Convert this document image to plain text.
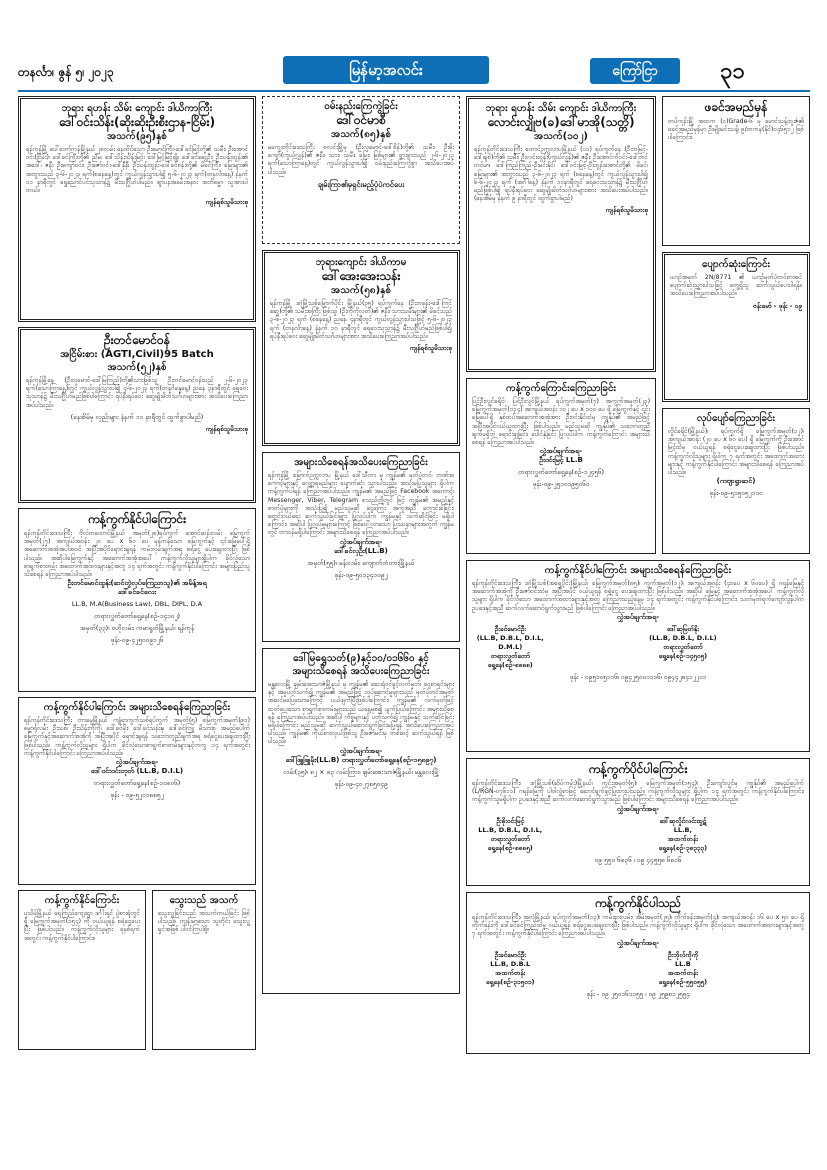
တနင်္လာ၊ ဇွန် ၅၊ ၂၀၂၃	မြန်မာ့အလင်း	ကြော်ငြာ	၃၁
ဘုရား ရဟန်း သိမ်း ကျောင်း ဒါယိကာကြီး
ဒေါ်ဝင်းသိန်း(ဆိုးဆိုးဦးစီးဌာန-ငြိမ်း)
အသက်(၉၅)နှစ်
ရန်ကုန်မြို့ ပေါ်ဘော်ကန်မြို့နယ် ၂၈လမ်း နေထိုင်သော ဦးမောင်ကြီး-ဒေါ်ခင်မြင့်တို့၏ သမီး၊ ဦးအောင်ဝင်း(ငြိမ်း)၊ ဒေါ်ခင်ကြီးတို့၏ ညီမ၊ ဒေါ်သိန်းသိန်းမြင့်၊ ဒေါ်မြင့်မြင့်ချို၊ ဒေါ်ခင်ဆွေဦး၊ ဦးသန်းထွန်း၏ အဒေါ်၊ ဇနီး ဦးကျော်ဝင်း၊ ဦးဇော်ဝင်း-ဒေါ်နီနီ၊ ဦးသန်းထွန်း-ဒေါ်ခင်စန်းတို့၏ မိခင်ကြီး၊ မြေးများ၏ အဘွားသည် ၃-၆-၂၀၂၃ ရက်(စနေနေ့)တွင် ကွယ်လွန်သွားပါ၍ ၅-၆-၂၀၂၃ ရက်(တနင်္လာနေ့) နံနက် ၁၁ နာရီတွင် ရွှေညောင်ပင်သုသာန်၌ မီးသင်္ဂြိုဟ်ပါမည်။ ဈာပနအခမ်းအနား အဘိဓမ္မာ သူအားပါတယ်။
ကျန်ရစ်သူမိသားစု
ဦးတင်မောင်ဝန်
အငြိမ်းစား (AGTI,Civil)95 Batch
အသက်(၅၂)နှစ်
ရန်ကုန်မြို့နေ (ဦးလှမောင်-ဒေါ်မြကြည်)တို့၏သားဖြစ်သူ ဦးတင်မောင်ဝန်သည် ၂-၆-၂၀၂၃ ရက်(သောကြာနေ့)တွင် ကွယ်လွန်သွားပါ၍ ၄-၆-၂၀၂၃ ရက်(တနင်္ဂနွေနေ့) ညနေ ၃နာရီတွင် ရေဝေးသုသာန်၌ မီးသင်္ဂြိုဟ်မည်ဖြစ်ပါကြောင်း ရပ်နီးရပ်ဝေး ဆွေမျိုးမိတ်သင်္ဂဟများအား အသိပေးကြေညာအပ်ပါသည်။
(နေအိမ်မှ လှည်းများ နံနက် ၁၁ နာရီတွင် ထွက်ခွာပါမည်)
ကျန်ရစ်သူမိသားစု
ကန့်ကွက်နိုင်ပါကြောင်း
ရန်ကုန်တိုင်းဒေသကြီး ဗိုလ်တထောင်မြို့နယ် အမှတ်(၂၈)ရပ်ကွက် အောင်ဆန်းလမ်း မြေကွက်အမှတ်(၂၇) အကျယ်အဝန်း ၂၀ ပေ x ၆၀ ပေ မှန်ကန်သော မြေကွက်နှင့် ၎င်းမြေပေါ်ရှိ အဆောက်အအုံအပါအဝင် အပြီးအပိုင်ရောင်းချရန် ကမ်းလှမ်းချက်အရ စရံငွေ ပေးချေထားပြီး ဖြစ်ပါသည်။ အဆိုပါမြေကွက်နှင့် အဆောက်အအုံအပေါ် ကန့်ကွက်လိုသူများရှိပါက ခိုင်လုံသော စာရွက်စာတမ်း အထောက်အထားများနှင့်အတူ ၁၄ ရက်အတွင်း ကန့်ကွက်နိုင်ပါကြောင်း အများပြည်သူ သိစေရန် ကြေညာအပ်ပါသည်။
ဦးတင်မောင်ထွန်း(ဆင်တွဲလုပ်ကြေညာသူ)၏ အမိန့်အရ
ဒေါ်ခင်ခင်လေး
LL.B, M.A(Business Law), DBL, DIPL, D.A
တရားလွှတ်တော်ရှေ့နေ(စဉ်-၁၄၁၀၂)
အမှတ်(၃၃)၊ ဗဟိုလမ်း၊ ကမာရွတ်မြို့နယ်၊ ရန်ကုန်
ဖုန်း-၀၉-၄၂၅၀၀၉၁၂၆
ကန့်ကွက်နိုင်ပါကြောင်း အများသိစေရန်ကြေညာခြင်း
ရန်ကုန်တိုင်းဒေသကြီး တာမွေမြို့နယ် ကျုံရာကွက်သစ်ရပ်ကွက် အမှတ်(၅) မြေကွက်အမှတ်(၉၁) ဓမ္မာရုံလမ်း ဦးသစ်၊ ဦးသိန်းကိုကို၊ ဒေါ်ခင်မိုး၊ ဒေါ်ခင်သန်းနု၊ ဒေါ်ခင်ကြူ မိသားစု အမည်ပေါက် မြေကွက်နှင့်အဆောက်အအုံကို အပြီးအပိုင် ရောင်းချရန် သဘောတူညီချက်အရ စရံငွေပေးချေထားပြီး ဖြစ်ပါသည်။ ကန့်ကွက်လိုသူများ ရှိပါက ခိုင်လုံသောစာရွက်စာတမ်းများနှင့်တကွ ၁၄ ရက်အတွင်း ကန့်ကွက်နိုင်ပါကြောင်း ကြေညာအပ်ပါသည်။
လွှဲအပ်ချက်အရ-
ဒေါ်ဝင်းဝင်းတုတ် (LL.B, D.I.L)
တရားလွှတ်တော်ရှေ့နေ(စဉ်-၁၀၈၀၆)
ဖုန်း - ၀၉-၅၂၀၁၈၈၅၂
ကန့်ကွက်နိုင်ကြောင်း
ပုသိမ်မြို့နယ် ရေကြည်ကျေးရွာ ဒင်္ဂါးရှင် ပွဲစားရုံတွင်ရှိ မြေကွက်အမှတ်(၁၅၄) ကို ဝယ်ယူရန် စရံငွေပေးပြီး ဖြစ်ပါသည်။ ကန့်ကွက်လိုသူများ ခုနစ်ရက်အတွင်း ကန့်ကွက်နိုင်ပါကြောင်း။
ဝမ်းနည်းကြေကွဲခြင်း
ဒေါ်ဝင်မာစီ
အသက်(၈၅)နှစ်
မကွေးတိုင်းဒေသကြီး စလင်းမြို့မှ (ဦးလှမောင်-ဒေါ်စိန်)တို့၏ သမီး၊ ဦးဖိုးကျော်(ကွယ်လွန်)၏ ဇနီး၊ သား၊ သမီး၊ မြေး၊ မြစ်များ၏ ဖွားဖွားသည် ၂-၆-၂၀၂၃ ရက်(သောကြာနေ့)တွင် ကွယ်လွန်သွားပါ၍ ဝမ်းနည်းကြေကွဲစွာ အသိပေးအပ်ပါသည်။
ချမ်းကြာ၏မှရှင်းမည့်ပုံပဲကင်ပေး
ဘုရားကျောင်း ဒါယိကာမ
ဒေါ်အေးအေးသန်း
အသက်(၅၈)နှစ်
ရန်ကုန်မြို့ ဒဂုံမြို့သစ်မြောက်ပိုင်း မြို့နယ်(၃၅) ရပ်ကွက်နေ (ဦးဘဖုန်း-ဒေါ်ကြင်ဆွေ)တို့၏ သမီးအကြီး ဖြစ်သူ၊ (ဦးကိုကိုလတ်)၏ ဇနီး၊ သားသမီးများ၏ မိခင်သည် ၃-၆-၂၀၂၃ ရက် (စနေနေ့) ညနေ ၄နာရီတွင် ကွယ်လွန်သွားပါသဖြင့် ၅-၆-၂၀၂၃ ရက် (တနင်္လာနေ့) နံနက် ၁၀ နာရီတွင် ရေဝေးသုသာန်၌ မီးသင်္ဂြိုဟ်မည်ဖြစ်ပါ၍ ရပ်နီးရပ်ဝေး ဆွေမျိုးမိတ်သင်္ဂဟများအား အသိပေးကြေညာအပ်ပါသည်။
ကျန်ရစ်သူမိသားစု
အများသိစေရန်အသိပေးကြေညာခြင်း
ရန်ကုန်မြို့ မြောက်ဥက္ကလာပ မြို့နယ် ဒေါ်သီတာ မှ ကျွန်မ၏ မှတ်ပုံတင်၊ ဘဏ်အကောင့်များနှင့် လျှော့ရမည်များ ပျောက်ဆုံး သွားပါသည်။ အသုံးမပြုသူများ ရှိပါက ကန့်ကွက်ပါရန် ကြေညာအပ်ပါသည်။ ကျွန်မ၏ အမည်ဖြင့် Facebook အကောင့်၊ Messenger, Viber, Telegram စသည်တို့တွင် ဖြင့် ကျွန်မ၏ အမည်နှင့် ဓာတ်ပုံများကို အသုံးပြု၍ မည်သူမဆို ငွေကြေး အကူအညီ တောင်းခံခြင်း၊ ရောင်းဝယ်ရေး ဆက်သွယ်ခြင်းများ ပြုလုပ်ပါက ကျွန်မနှင့် သက်ဆိုင်ခြင်း မရှိပါကြောင်း၊ အဆိုပါ ပြုလုပ်မှုများကြောင့် ဖြစ်ပေါ်လာသော ပြဿနာများအတွက် ကျွန်မတွင် တာဝန်မရှိပါကြောင်း အများသိစေရန် ကြေညာအပ်ပါသည်။
လွှဲအပ်ချက်အရ-
ဒေါ်ခင်လှဦး(LL.B)
အမှတ်(၅၅)၊ မန်းလမ်း၊ ကျောက်တံတားမြို့နယ်
ဖုန်း-၀၉-၅၀၁၃၄၁၀၉၂
ဒေါ်မြရွှေသတ်(၉)နှင့်၁၀/၀၁၆၆၀ နှင့်
အများသိစေရန် အသိပေးကြေညာခြင်း
မန္တလေးမြို့ ချမ်းအေးသာဇံမြို့နယ် မှ ကျွန်မ၏ ဆေးရုံဝင်ခွင့်လက်မှတ်၊ ငွေစာရင်းများ နှင့် အမှုပတ်သက်၍ ကျွန်မ၏ အမည်ဖြင့် လုပ်ဆောင်မှုများသည် မှတ်ပုံတင်အမှတ် အဆင်မပြေသောကြောင့် ပယ်ဖျက်ပြီးဖြစ်ပါကြောင်း၊ ကျွန်မ၏ လက်မှတ်ဖြင့် ထုတ်ပေးသော စာရွက်စာတမ်းများသည် ယနေ့မှစ၍ ပျက်ပြယ်ကြောင်း အများသိစေရန် ကြေညာအပ်ပါသည်။ အဆိုပါ ကိစ္စများနှင့် ပတ်သက်၍ ကျွန်မနှင့် သက်ဆိုင်ခြင်းမရှိပါကြောင်း မည်သူမဆို ဆက်သွယ်ဆောင်ရွက်ခြင်းမပြုရန် အသိပေးကြေညာအပ်ပါသည်။ ကျွန်မ၏ ကိုယ်စားလှယ်ဖြစ်သူ ဦးဇော်မင်းမှ တစ်ဆင့် ဆက်သွယ်ရန် ဖြစ်ပါသည်။
လွှဲအပ်ချက်အရ-
ဒေါ်ဖြူဖြူမိုး(LL.B) တရားလွှတ်တော်ရှေ့နေ(စဉ်-၁၅၈၉၇)
လမ်း(၃၅)၊ ၈၂ × ၈၃ လမ်းကြား၊ ချမ်းအေးသာဇံမြို့နယ်၊ မန္တလေးမြို့
ဖုန်း-၀၉-၄၀၂၇၈၅၀၄၉
သွေးသည် အသက်
သွေးလှူခြင်းသည် အသက်ကယ်ခြင်း ဖြစ်ပါသည်။ ကျန်းမာသော သူတိုင်း သွေးလှူရှင်အဖြစ် ပါဝင်ကြပါစို့။
ဘုရား ရဟန်း သိမ်း ကျောင်း ဒါယိကာကြီး
လောင်းလျှိုဗ(ခ)ဒေါ်မာအို(သတ္တိ)
အသက်(၁၀၂)
ရန်ကုန်တိုင်းဒေသကြီး တောင်ဥက္ကလာပမြို့နယ် (၁၁) ရပ်ကွက်နေ (ဦးဘမြင့်-ဒေါ်ချစ်)တို့၏ သမီး၊ ဦးလင်းထွန်း(ကွယ်လွန်)၏ ဇနီး၊ ဦးအောင်ကိုဝင်း-ဒေါ်တင်တင်မာ၊ ဒေါ်ကြည်ကြည်-ဦးမင်းနိုင်၊ ဒေါ်ဝင်းမြင့်-ဦးထွန်းအောင်တို့၏ မိခင်၊ မြေးများ၏ အဘွားသည် ၃-၆-၂၀၂၃ ရက် (စနေနေ့)တွင် ကွယ်လွန်သွားပါ၍ ၆-၆-၂၀၂၃ ရက် (အင်္ဂါနေ့) နံနက် ၁၀နာရီတွင် ရေဝေးသုသာန်၌ မီးသင်္ဂြိုဟ်မည်ဖြစ်ပါ၍ ရပ်နီးရပ်ဝေး ဆွေမျိုးမိတ်သင်္ဂဟများအား အသိပေးအပ်ပါသည်။ (နေအိမ်မှ နံနက် ၉ နာရီတွင် ထွက်ခွာပါမည်)
ကျန်ရစ်သူမိသားစု
ကန့်ကွက်ကြောင်းကြေညာခြင်း
ပြင်ဦးလွင်ခရိုင်၊ ပြင်ဦးလွင်မြို့နယ် ရပ်ကွက်အမှတ်(၇) အကွက်အမှတ်(၂၃) မြေကွက်အမှတ်(၁၃၄) အကျယ်အဝန်း ၁၀၂ ပေ x ၁၀၀ ပေ ရှိ မြေကွက်နှင့် ၎င်းမြေပေါ်ရှိ နှစ်ထပ်အဆောက်အအုံအား ဦးဝင်းနိုင်ထံမှ ကျွန်ုပ်၏ အမည်ဖြင့် အပြီးအပိုင်ဝယ်ယူထားပြီး ဖြစ်ပါသည်။ မည်သူမဆို ကျွန်ုပ်၏ သဘောတူညီချက်မရှိဘဲ ရောင်းချခြင်း၊ ပေါင်နှံခြင်း ပြုလုပ်ပါက ကန့်ကွက်ကြောင်း အများသိစေရန် ကြေညာအပ်ပါသည်။
လွှဲအပ်ချက်အရ-
ဦးဝင်းမြင့် LL.B
တရားလွှတ်တော်ရှေ့နေ(စဉ်-၁၂၄၅၆)
ဖုန်း-၀၉-၂၅၁၀၁၉၅၀၆၀
ကန့်ကွက်နိုင်ပါကြောင်း အများသိစေရန်ကြေညာခြင်း
ရန်ကုန်တိုင်းဒေသကြီး၊ ဒဂုံမြို့သစ်(အရှေ့ပိုင်း)မြို့နယ်၊ မြေကွက်အမှတ်(၈၅)၊ ကွက်အမှတ်(၁၂)၊ အကျယ်အဝန်း (၄၀ပေ x ၆၀ပေ) ရှိ ဂရန်မြေနှင့် အဆောက်အအုံကို ဦးဇော်ဝင်းထံမှ အပြီးအပိုင် ဝယ်ယူရန် စရံငွေ ပေးချေထားပြီး ဖြစ်ပါသည်။ အဆိုပါ မြေနှင့် အဆောက်အအုံအပေါ် ကန့်ကွက်လိုသူများ ရှိပါက ခိုင်လုံသော အထောက်အထားများနှင့်အတူ ကြေညာသည့်နေ့မှ ၁၄ ရက်အတွင်း ကန့်ကွက်နိုင်ပါကြောင်း၊ သတ်မှတ်ရက်ကျော်လွန်ပါက ဥပဒေနှင့်အညီ ဆက်လက်ဆောင်ရွက်သွားမည် ဖြစ်ပါကြောင်း ကြေညာအပ်ပါသည်။
လွှဲအပ်ချက်အရ-
ဦးခင်မောင်ဦး
(LL.B, D.B.L, D.I.L, D.M.L)
တရားလွှတ်တော်ရှေ့နေ(စဉ်-၈၈၈၈)
ဒေါ်ဆုမြတ်နိုး
(LL.B, D.B.L, D.I.L)
တရားလွှတ်တော်ရှေ့နေ(စဉ်-၁၄၅၀၅)
ဖုန်း - ၀၉၅၁၀၅၁၁၆၊ ၀၉၄၂၅၀၀၁၁၁၆၊ ၀၉၄၄၂၈၄၁၂၂၁၁
ကန့်ကွက်ပိုင်ပါကြောင်း
ရန်ကုန်တိုင်းဒေသကြီး၊ ဒဂုံမြို့သစ်(ဆိပ်ကမ်း)မြို့နယ်၊ ကွင်းအမှတ်(၅)၊ မြေကွက်အမှတ်(၁၅၄)၊ ဦးကျော်လွင်မှ ကျွန်ုပ်၏ အမည်ပေါက် (L/RGN-၀၇၆၁၁) ဂရန်မြေကို ပါဝါလွှဲစာဖြင့် ဆောင်ရွက်ခွင့်ပြုထားပါသည်။ ကန့်ကွက်လိုသူများ ရှိပါက ၁၄ ရက်အတွင်း ကန့်ကွက်နိုင်ပါကြောင်း၊ ကန့်ကွက်သူမရှိပါက ဥပဒေနှင့်အညီ ဆက်လက်ဆောင်ရွက်သွားမည် ဖြစ်ပါကြောင်း အများသိစေရန် ကြေညာအပ်ပါသည်။
လွှဲအပ်ချက်အရ-
ဦးစိုးဝင်းမြင့်
LL.B, D.B.L, D.I.L,
တရားလွှတ်တော်ရှေ့နေ(စဉ်-၈၈၈၅)
ဒေါ်ဆုလှိုင်လင်းထွဋ်
LL.B,
အထက်တန်းရှေ့နေ(စဉ်-၃၈၃၃၃)
၀၉ ၅၅၀ ၆၈၃၆ ၊ ၀၉ ၄၄၅၅၈ ၆၈၁၆
ကန့်ကွက်နိုင်ပါသည်
ရန်ကုန်တိုင်းဒေသကြီး၊ အလုံမြို့နယ်၊ ရပ်ကွက်အမှတ်(၁၃)၊ ကမ်းနားလမ်း၊ အိမ်အမှတ်(၂၅)၊ တိုက်ခန်းအမှတ်(၄)၊ အကျယ်အဝန်း ၁၆ ပေ x ၅၀ ပေ ရှိ တိုက်ခန်းကို ဒေါ်ခင်ခင်ကြည်ထံမှ ဝယ်ယူရန် စရံငွေပေးချေထားပြီး ဖြစ်ပါသည်။ ကန့်ကွက်လိုသူများ ရှိပါက ခိုင်လုံသော အထောက်အထားများနှင့်အတူ ၇ ရက်အတွင်း ကန့်ကွက်နိုင်ပါကြောင်း ကြေညာအပ်ပါသည်။
လွှဲအပ်ချက်အရ-
ဦးခင်မောင်ဦး
LL.B, D.B.L
အထက်တန်းရှေ့နေ(စဉ်-၃၁၅၀၁)
ဦးဘိုလ်ကိုကို
LL.B
အထက်တန်းရှေ့နေ(စဉ်-၅၅၀၅၅)
ဖုန်း - ၀၉ ၂၅၀၁၆၁၁၅၅ ၊ ၀၉ ၂၅၉၈၁၂၅၅၄
ဖခင်အမည်မှန်
တပ်ကုန်းမြို့ အထက (၁)Grade-၆ မှ မောင်သန့်ထူးဇံ၏ ဖခင်အမည်မှန်မှာ ဦးမျိုးမင်းသန့်၊ ၉/တကန(နိုင်)၀၄၆၅၁၂ ဖြစ်ပါကြောင်း။
ပျောက်ဆုံးကြောင်း
ယာဉ်အမှတ် 2N/8771 ၏ ယာဉ်မှတ်ပုံတင်စာအုပ် ပျောက်ဆုံးသွားပါသဖြင့် တွေ့ရှိသူ ဆက်သွယ်ပေးပါရန်။ အသိပေးကြေညာအပ်ပါသည်။
ဗန်းမော် - ဖုန်း - ၀၉
လုပ်ပျော်ကြေညာခြင်း
လှိုင်ခရိုင်(မြို့နယ်)၊ ရပ်ကွက်ရှိ မြေကွက်အမှတ်(၁၂)၊ အကျယ်အဝန်း (၂၀ ပေ x ၆၀ ပေ) ရှိ မြေကွက်ကို ဦးအောင်မြင့်ထံမှ ဝယ်ယူရန် စရံငွေပေးချေထားပြီး ဖြစ်ပါသည်။ ကန့်ကွက်လိုသူများ ရှိပါက ၇ ရက်အတွင်း အထောက်အထားများနှင့် ကန့်ကွက်နိုင်ပါကြောင်း အများသိစေရန် ကြေညာအပ်ပါသည်။
(ကဗျာရွာဆင်)
ဖုန်း-၀၉-၅၁၅၀၅၂၁၁၀
